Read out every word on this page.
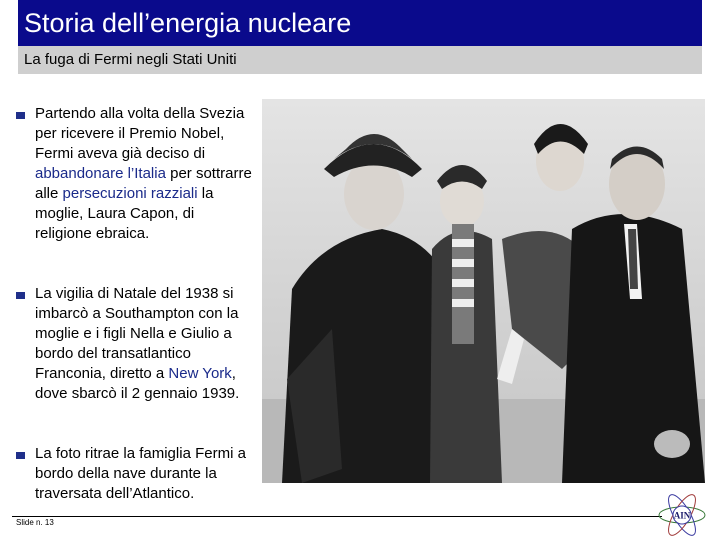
Storia dell’energia nucleare
La fuga di Fermi negli Stati Uniti
Partendo alla volta della Svezia per ricevere il Premio Nobel, Fermi aveva già deciso di abbandonare l’Italia per sottrarre alle persecuzioni razziali la moglie, Laura Capon, di religione ebraica.
La vigilia di Natale del 1938 si imbarcò a Southampton con la moglie e i figli Nella e Giulio a bordo del transatlantico Franconia, diretto a New York, dove sbarcò il 2 gennaio 1939.
La foto ritrae la famiglia Fermi a bordo della nave durante la traversata dell’Atlantico.
Slide n. 13
AIN
